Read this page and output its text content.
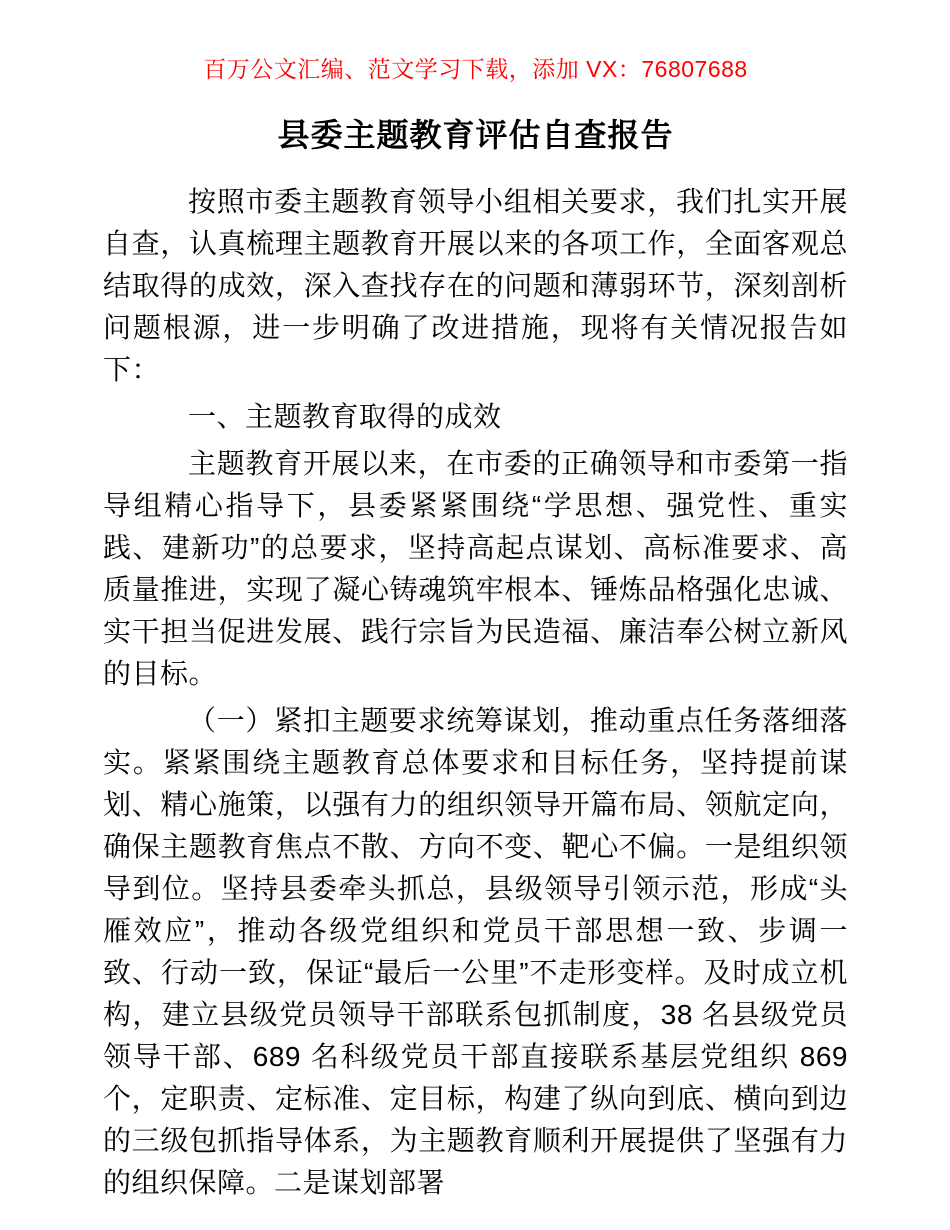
百万公文汇编、范文学习下载，添加 VX：76807688
县委主题教育评估自查报告

按照市委主题教育领导小组相关要求，我们扎实开展自查，认真梳理主题教育开展以来的各项工作，全面客观总结取得的成效，深入查找存在的问题和薄弱环节，深刻剖析问题根源，进一步明确了改进措施，现将有关情况报告如下：

一、主题教育取得的成效

主题教育开展以来，在市委的正确领导和市委第一指导组精心指导下，县委紧紧围绕“学思想、强党性、重实践、建新功”的总要求，坚持高起点谋划、高标准要求、高质量推进，实现了凝心铸魂筑牢根本、锤炼品格强化忠诚、实干担当促进发展、践行宗旨为民造福、廉洁奉公树立新风的目标。

（一）紧扣主题要求统筹谋划，推动重点任务落细落实。紧紧围绕主题教育总体要求和目标任务，坚持提前谋划、精心施策，以强有力的组织领导开篇布局、领航定向，确保主题教育焦点不散、方向不变、靶心不偏。一是组织领导到位。坚持县委牵头抓总，县级领导引领示范，形成“头雁效应”，推动各级党组织和党员干部思想一致、步调一致、行动一致，保证“最后一公里”不走形变样。及时成立机构，建立县级党员领导干部联系包抓制度，38 名县级党员领导干部、689 名科级党员干部直接联系基层党组织 869 个，定职责、定标准、定目标，构建了纵向到底、横向到边的三级包抓指导体系，为主题教育顺利开展提供了坚强有力的组织保障。二是谋划部署
